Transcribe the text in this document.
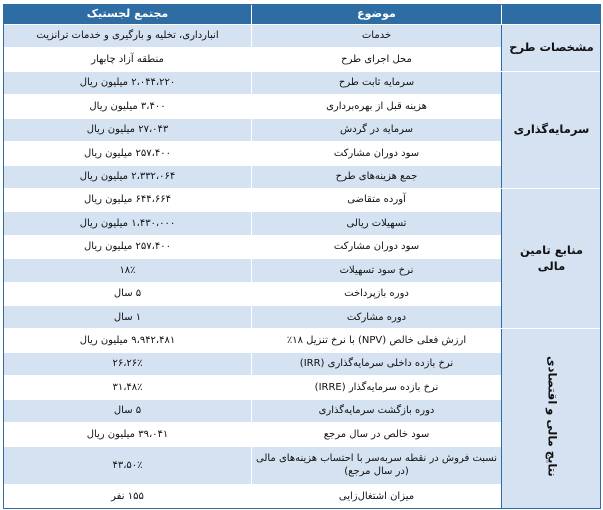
	موضوع	مجتمع لجستیک
مشخصات طرح	خدمات	انبارداری، تخلیه و بارگیری و خدمات ترانزیت
	محل اجرای طرح	منطقه آزاد چابهار
سرمایه‌گذاری	سرمایه ثابت طرح	۲،۰۴۴،۲۲۰ میلیون ریال
	هزینه قبل از بهره‌برداری	۳،۴۰۰ میلیون ریال
	سرمایه در گردش	۲۷،۰۴۳ میلیون ریال
	سود دوران مشارکت	۲۵۷،۴۰۰ میلیون ریال
	جمع هزینه‌های طرح	۲،۳۳۲،۰۶۴ میلیون ریال
منابع تامین مالی	آورده متقاضی	۶۴۴،۶۶۴ میلیون ریال
	تسهیلات ریالی	۱،۴۳۰،۰۰۰ میلیون ریال
	سود دوران مشارکت	۲۵۷،۴۰۰ میلیون ریال
	نرخ سود تسهیلات	۱۸٪
	دوره بازپرداخت	۵ سال
	دوره مشارکت	۱ سال
نتایج مالی و اقتصادی	ارزش فعلی خالص (NPV) با نرخ تنزیل ۱۸٪	۹،۹۴۲،۴۸۱ میلیون ریال
	نرخ بازده داخلی سرمایه‌گذاری (IRR)	۲۶،۲۶٪
	نرخ بازده سرمایه‌گذار (IRRE)	۳۱،۴۸٪
	دوره بازگشت سرمایه‌گذاری	۵ سال
	سود خالص در سال مرجع	۳۹،۰۴۱ میلیون ریال
	نسبت فروش در نقطه سربه‌سر با احتساب هزینه‌های مالی (در سال مرجع)	۴۳،۵۰٪
	میزان اشتغال‌زایی	۱۵۵ نفر
